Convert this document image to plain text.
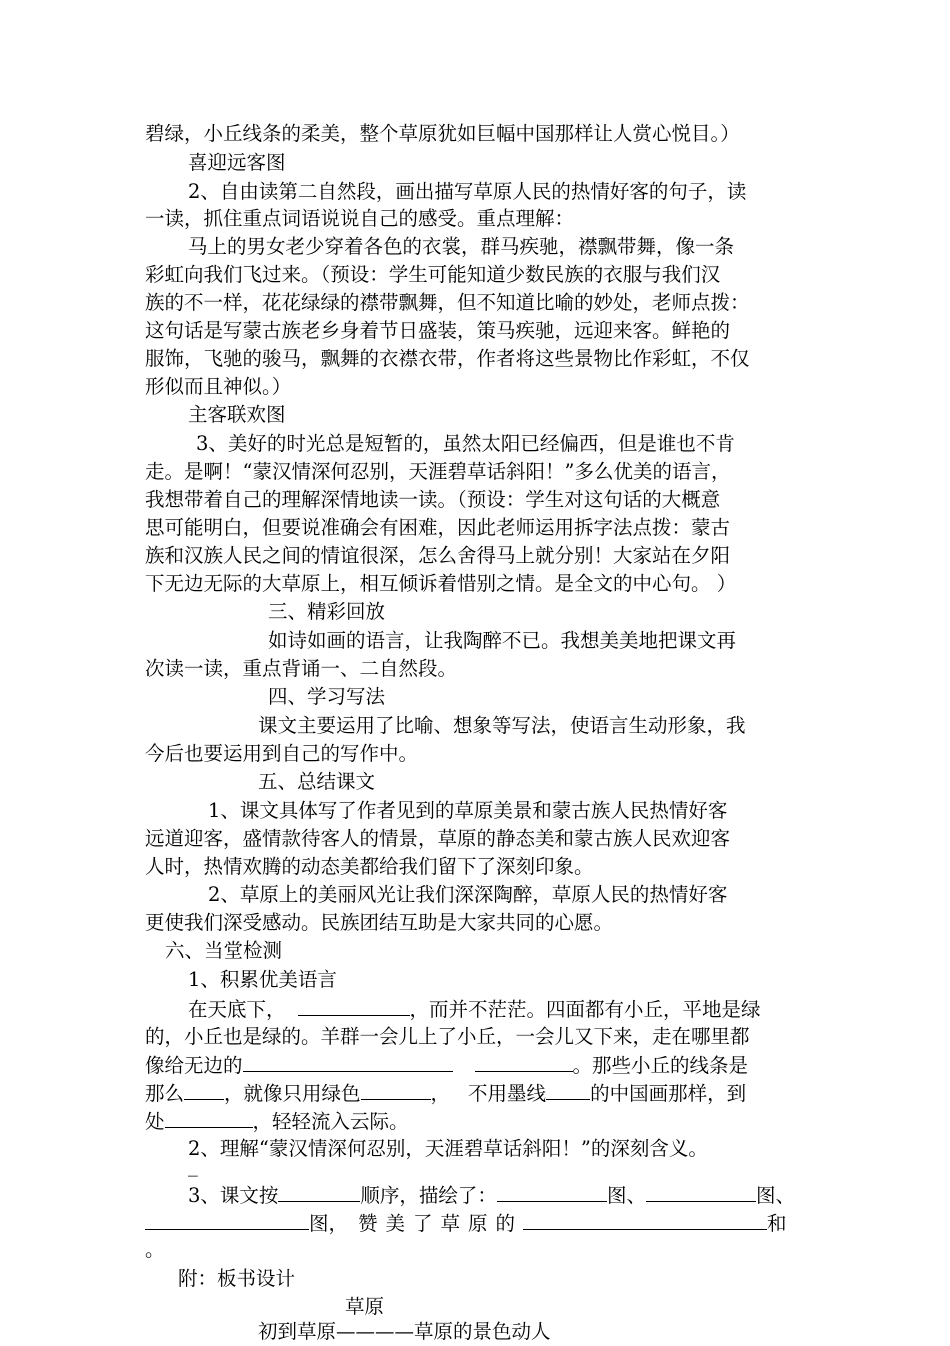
碧绿，小丘线条的柔美，整个草原犹如巨幅中国那样让人赏心悦目。）
喜迎远客图
2、自由读第二自然段，画出描写草原人民的热情好客的句子，读
一读，抓住重点词语说说自己的感受。重点理解：
马上的男女老少穿着各色的衣裳，群马疾驰，襟飘带舞，像一条
彩虹向我们飞过来。（预设：学生可能知道少数民族的衣服与我们汉
族的不一样，花花绿绿的襟带飘舞，但不知道比喻的妙处，老师点拨：
这句话是写蒙古族老乡身着节日盛装，策马疾驰，远迎来客。鲜艳的
服饰，飞驰的骏马，飘舞的衣襟衣带，作者将这些景物比作彩虹，不仅
形似而且神似。）
主客联欢图
3、美好的时光总是短暂的，虽然太阳已经偏西，但是谁也不肯
走。是啊！“蒙汉情深何忍别，天涯碧草话斜阳！”多么优美的语言，
我想带着自己的理解深情地读一读。（预设：学生对这句话的大概意
思可能明白，但要说准确会有困难，因此老师运用拆字法点拨：蒙古
族和汉族人民之间的情谊很深，怎么舍得马上就分别！大家站在夕阳
下无边无际的大草原上，相互倾诉着惜别之情。是全文的中心句。 ）
三、精彩回放
如诗如画的语言，让我陶醉不已。我想美美地把课文再
次读一读，重点背诵一、二自然段。
四、学习写法
课文主要运用了比喻、想象等写法，使语言生动形象，我
今后也要运用到自己的写作中。
五、总结课文
1、课文具体写了作者见到的草原美景和蒙古族人民热情好客
远道迎客，盛情款待客人的情景，草原的静态美和蒙古族人民欢迎客
人时，热情欢腾的动态美都给我们留下了深刻印象。
2、草原上的美丽风光让我们深深陶醉，草原人民的热情好客
更使我们深受感动。民族团结互助是大家共同的心愿。
六、当堂检测
1、积累优美语言
在天底下，	，而并不茫茫。四面都有小丘，平地是绿
的，小丘也是绿的。羊群一会儿上了小丘，一会儿又下来，走在哪里都
像给无边的	。那些小丘的线条是
那么 ，就像只用绿色	， 不用墨线 的中国画那样，到
处	，轻轻流入云际。
2、理解“蒙汉情深何忍别，天涯碧草话斜阳！”的深刻含义。
_
3、课文按	顺序，描绘了：	图、	图、
图， 赞美了草原的	和
。
附：板书设计
草原
初到草原————草原的景色动人
